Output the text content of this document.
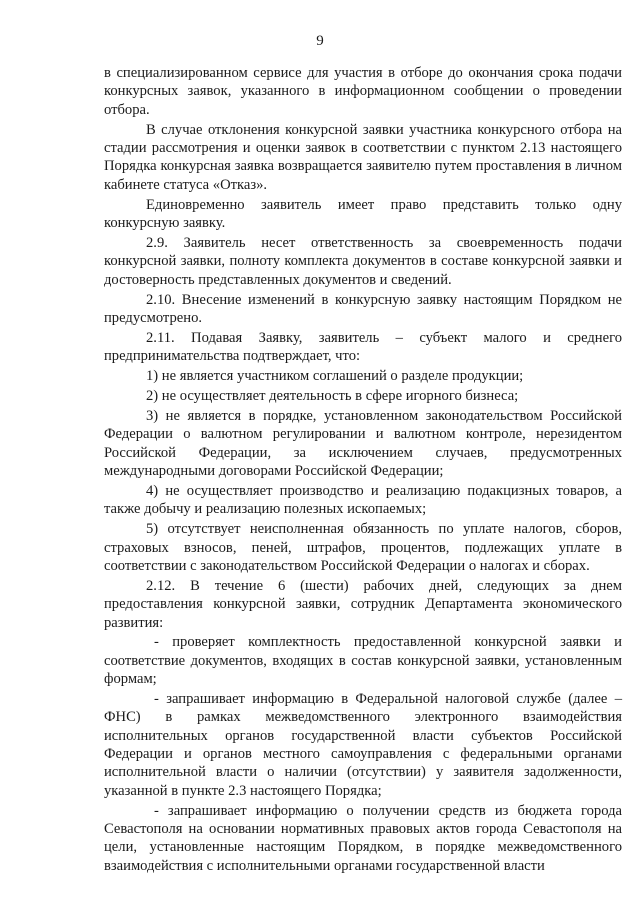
9

в специализированном сервисе для участия в отборе до окончания срока подачи конкурсных заявок, указанного в информационном сообщении о проведении отбора.

В случае отклонения конкурсной заявки участника конкурсного отбора на стадии рассмотрения и оценки заявок в соответствии с пунктом 2.13 настоящего Порядка конкурсная заявка возвращается заявителю путем проставления в личном кабинете статуса «Отказ».

Единовременно заявитель имеет право представить только одну конкурсную заявку.

2.9. Заявитель несет ответственность за своевременность подачи конкурсной заявки, полноту комплекта документов в составе конкурсной заявки и достоверность представленных документов и сведений.

2.10. Внесение изменений в конкурсную заявку настоящим Порядком не предусмотрено.

2.11. Подавая Заявку, заявитель – субъект малого и среднего предпринимательства подтверждает, что:

1) не является участником соглашений о разделе продукции;

2) не осуществляет деятельность в сфере игорного бизнеса;

3) не является в порядке, установленном законодательством Российской Федерации о валютном регулировании и валютном контроле, нерезидентом Российской Федерации, за исключением случаев, предусмотренных международными договорами Российской Федерации;

4) не осуществляет производство и реализацию подакцизных товаров, а также добычу и реализацию полезных ископаемых;

5) отсутствует неисполненная обязанность по уплате налогов, сборов, страховых взносов, пеней, штрафов, процентов, подлежащих уплате в соответствии с законодательством Российской Федерации о налогах и сборах.

2.12. В течение 6 (шести) рабочих дней, следующих за днем предоставления конкурсной заявки, сотрудник Департамента экономического развития:

- проверяет комплектность предоставленной конкурсной заявки и соответствие документов, входящих в состав конкурсной заявки, установленным формам;

- запрашивает информацию в Федеральной налоговой службе (далее – ФНС) в рамках межведомственного электронного взаимодействия исполнительных органов государственной власти субъектов Российской Федерации и органов местного самоуправления с федеральными органами исполнительной власти о наличии (отсутствии) у заявителя задолженности, указанной в пункте 2.3 настоящего Порядка;

- запрашивает информацию о получении средств из бюджета города Севастополя на основании нормативных правовых актов города Севастополя на цели, установленные настоящим Порядком, в порядке межведомственного взаимодействия с исполнительными органами государственной власти
